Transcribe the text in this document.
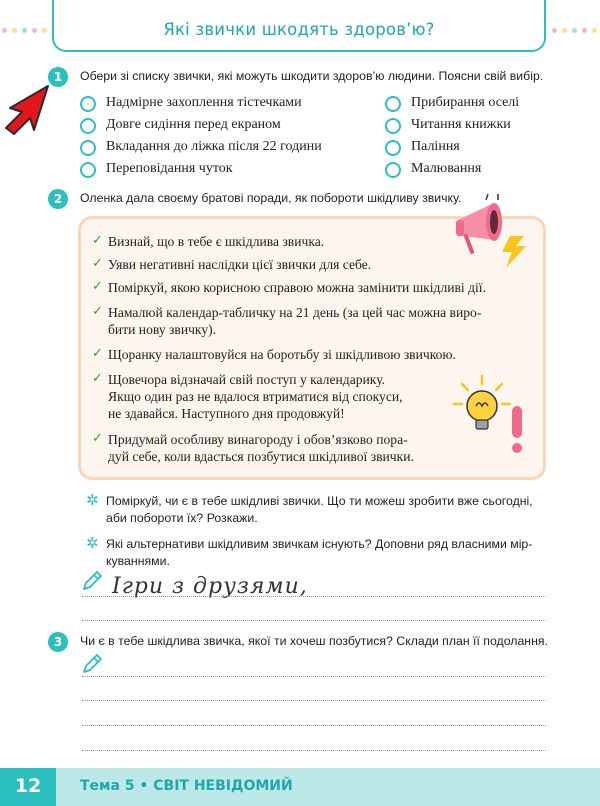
Які звички шкодять здоров’ю?
1	Обери зі списку звички, які можуть шкодити здоров’ю людини. Поясни свій вибір.
Надмірне захоплення тістечками
Довге сидіння перед екраном
Вкладання до ліжка після 22 години
Переповідання чуток
Прибирання оселі
Читання книжки
Паління
Малювання
2	Оленка дала своєму братові поради, як побороти шкідливу звичку.
✓ Визнай, що в тебе є шкідлива звичка.
✓ Уяви негативні наслідки цієї звички для себе.
✓ Поміркуй, якою корисною справою можна замінити шкідливі дії.
✓ Намалюй календар-табличку на 21 день (за цей час можна виро-
бити нову звичку).
✓ Щоранку налаштовуйся на боротьбу зі шкідливою звичкою.
✓ Щовечора відзначай свій поступ у календарику.
Якщо один раз не вдалося втриматися від спокуси,
не здавайся. Наступного дня продовжуй!
✓ Придумай особливу винагороду і обов’язково пора-
дуй себе, коли вдасться позбутися шкідливої звички.
✲ Поміркуй, чи є в тебе шкідливі звички. Що ти можеш зробити вже сьогодні,
аби побороти їх? Розкажи.
✲ Які альтернативи шкідливим звичкам існують? Доповни ряд власними мір-
куваннями.
Ігри з друзями,
3	Чи є в тебе шкідлива звичка, якої ти хочеш позбутися? Склади план її подолання.
12	Тема 5 • СВІТ НЕВІДОМИЙ
